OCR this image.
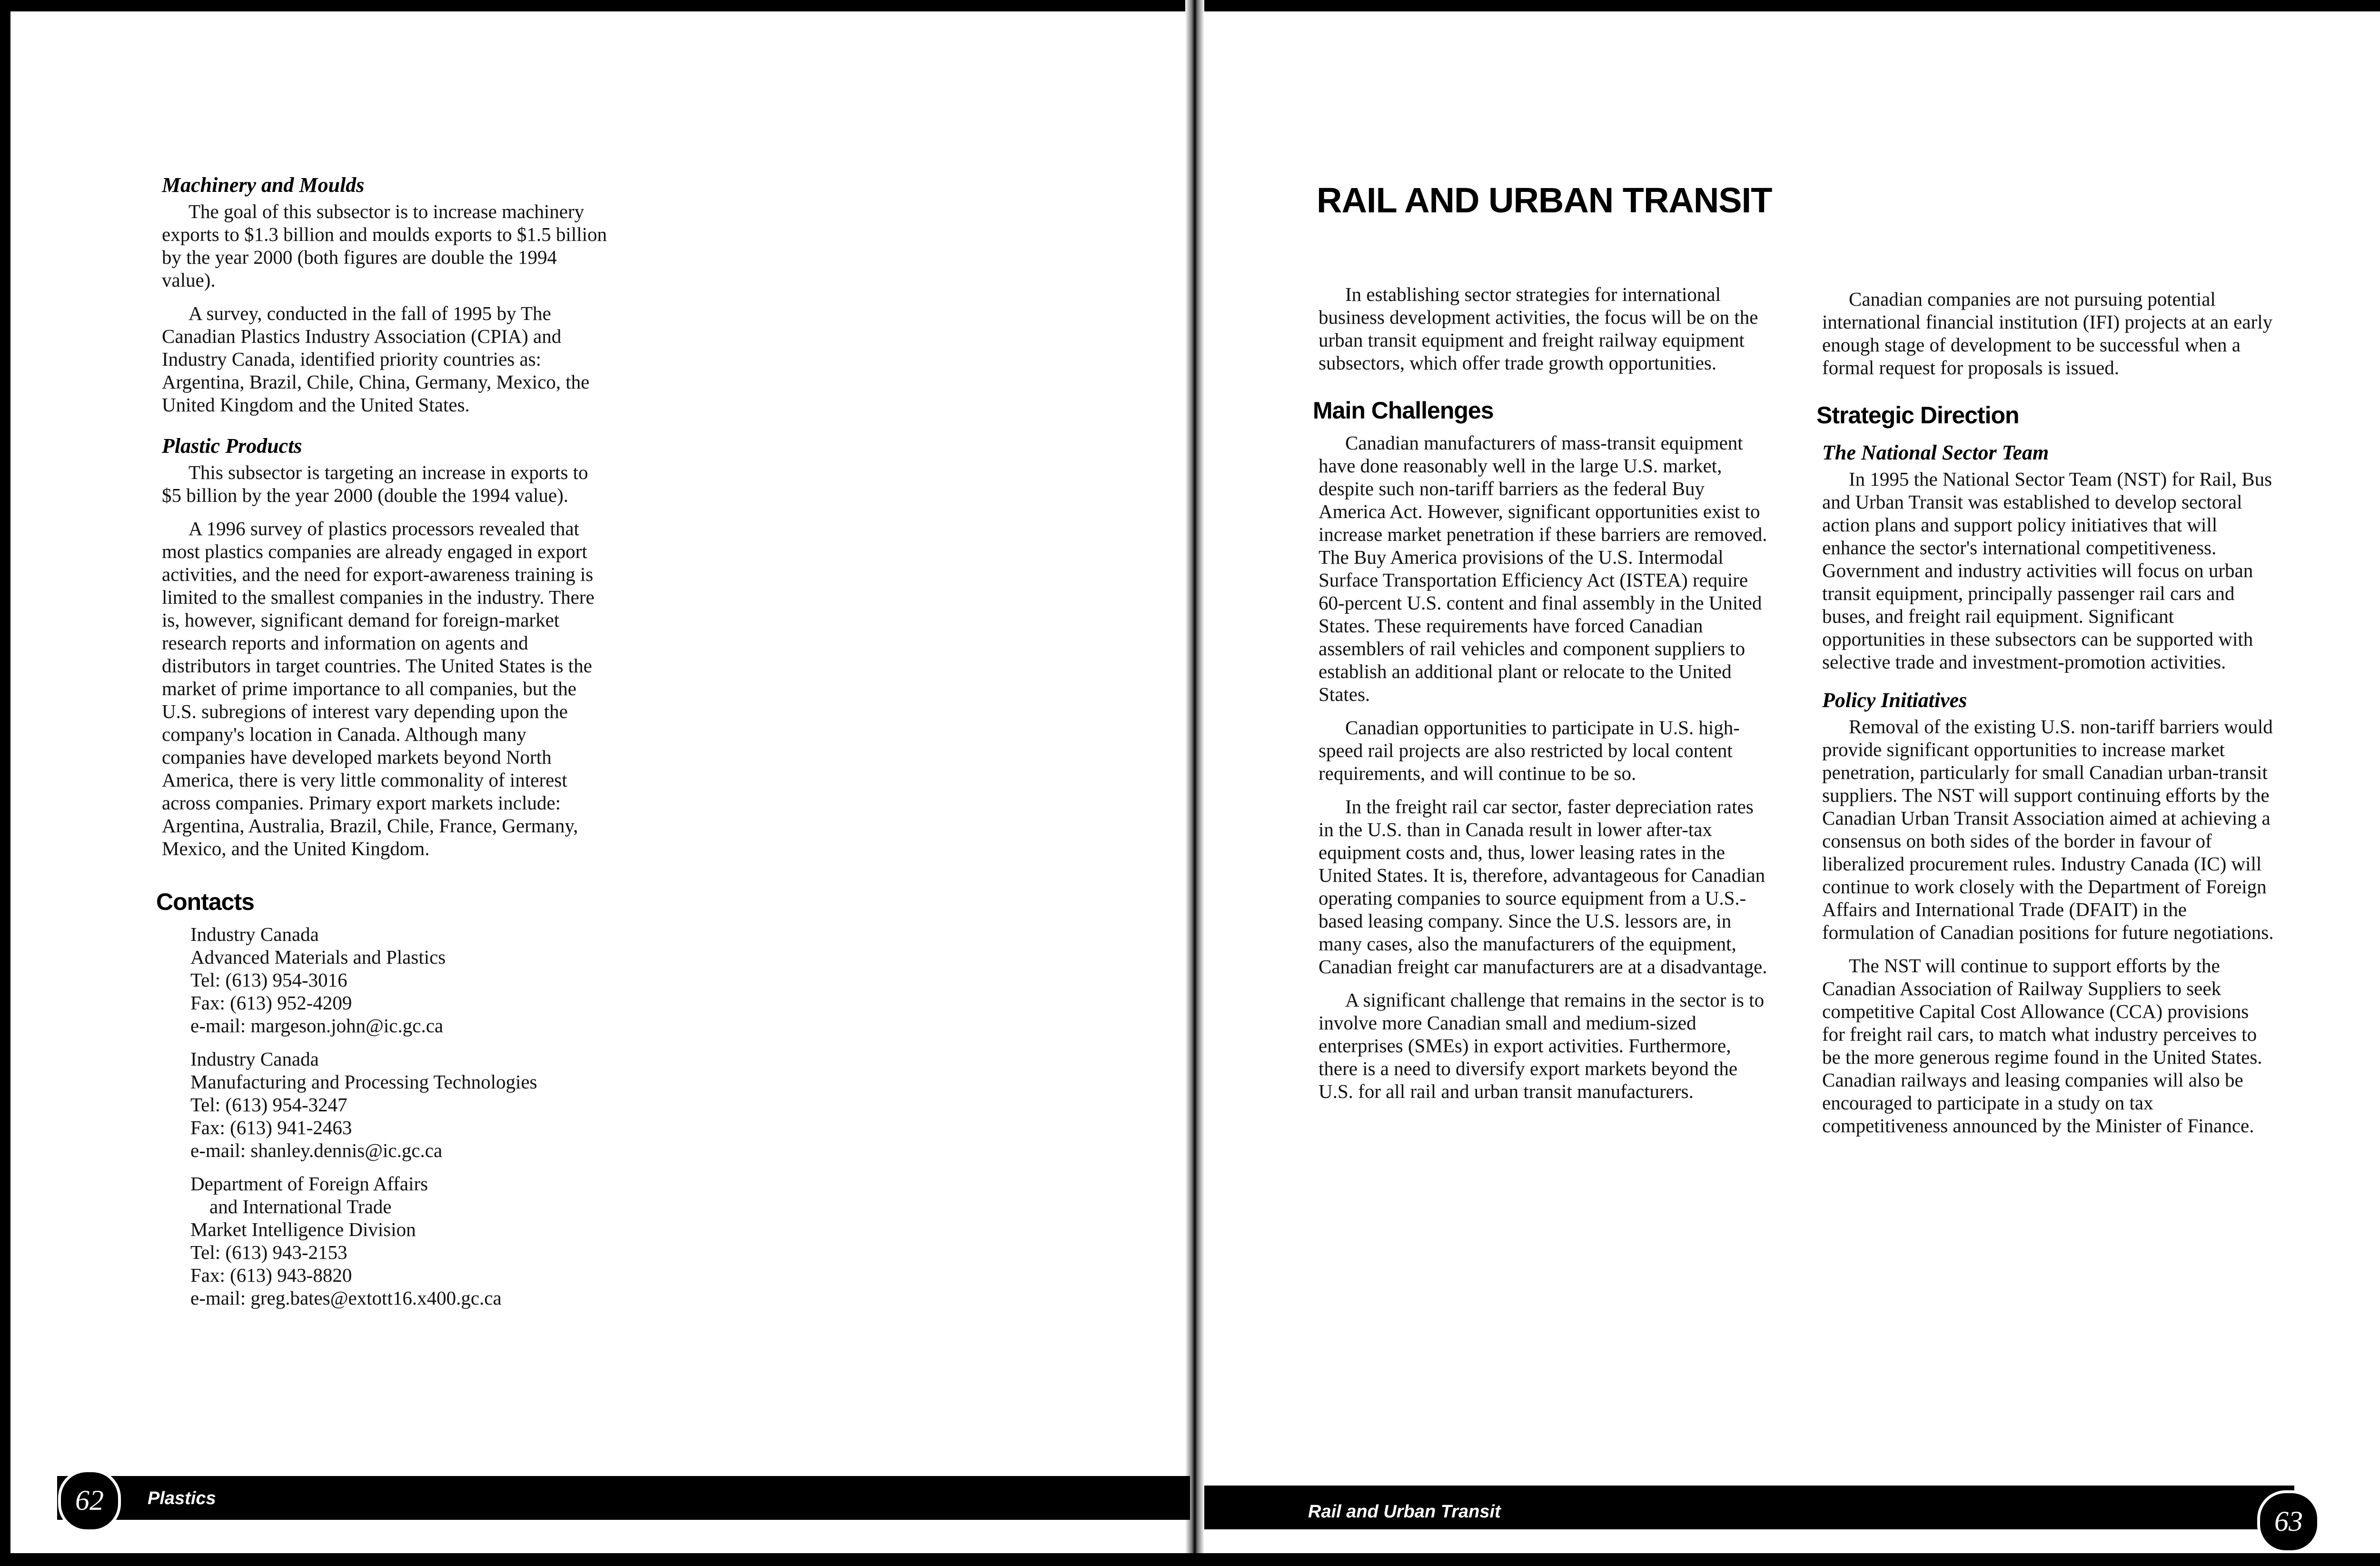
Machinery and Moulds

The goal of this subsector is to increase machinery exports to $1.3 billion and moulds exports to $1.5 billion by the year 2000 (both figures are double the 1994 value).

A survey, conducted in the fall of 1995 by The Canadian Plastics Industry Association (CPIA) and Industry Canada, identified priority countries as: Argentina, Brazil, Chile, China, Germany, Mexico, the United Kingdom and the United States.

Plastic Products

This subsector is targeting an increase in exports to $5 billion by the year 2000 (double the 1994 value).

A 1996 survey of plastics processors revealed that most plastics companies are already engaged in export activities, and the need for export-awareness training is limited to the smallest companies in the industry. There is, however, significant demand for foreign-market research reports and information on agents and distributors in target countries. The United States is the market of prime importance to all companies, but the U.S. subregions of interest vary depending upon the company's location in Canada. Although many companies have developed markets beyond North America, there is very little commonality of interest across companies. Primary export markets include: Argentina, Australia, Brazil, Chile, France, Germany, Mexico, and the United Kingdom.

Contacts
Industry Canada
Advanced Materials and Plastics
Tel: (613) 954-3016
Fax: (613) 952-4209
e-mail: margeson.john@ic.gc.ca
Industry Canada
Manufacturing and Processing Technologies
Tel: (613) 954-3247
Fax: (613) 941-2463
e-mail: shanley.dennis@ic.gc.ca
Department of Foreign Affairs
and International Trade
Market Intelligence Division
Tel: (613) 943-2153
Fax: (613) 943-8820
e-mail: greg.bates@extott16.x400.gc.ca
62	Plastics
RAIL AND URBAN TRANSIT

In establishing sector strategies for international business development activities, the focus will be on the urban transit equipment and freight railway equipment subsectors, which offer trade growth opportunities.

Main Challenges

Canadian manufacturers of mass-transit equipment have done reasonably well in the large U.S. market, despite such non-tariff barriers as the federal Buy America Act. However, significant opportunities exist to increase market penetration if these barriers are removed. The Buy America provisions of the U.S. Intermodal Surface Transportation Efficiency Act (ISTEA) require 60-percent U.S. content and final assembly in the United States. These requirements have forced Canadian assemblers of rail vehicles and component suppliers to establish an additional plant or relocate to the United States.

Canadian opportunities to participate in U.S. high-speed rail projects are also restricted by local content requirements, and will continue to be so.

In the freight rail car sector, faster depreciation rates in the U.S. than in Canada result in lower after-tax equipment costs and, thus, lower leasing rates in the United States. It is, therefore, advantageous for Canadian operating companies to source equipment from a U.S.-based leasing company. Since the U.S. lessors are, in many cases, also the manufacturers of the equipment, Canadian freight car manufacturers are at a disadvantage.

A significant challenge that remains in the sector is to involve more Canadian small and medium-sized enterprises (SMEs) in export activities. Furthermore, there is a need to diversify export markets beyond the U.S. for all rail and urban transit manufacturers.

Canadian companies are not pursuing potential international financial institution (IFI) projects at an early enough stage of development to be successful when a formal request for proposals is issued.

Strategic Direction
The National Sector Team

In 1995 the National Sector Team (NST) for Rail, Bus and Urban Transit was established to develop sectoral action plans and support policy initiatives that will enhance the sector's international competitiveness. Government and industry activities will focus on urban transit equipment, principally passenger rail cars and buses, and freight rail equipment. Significant opportunities in these subsectors can be supported with selective trade and investment-promotion activities.

Policy Initiatives

Removal of the existing U.S. non-tariff barriers would provide significant opportunities to increase market penetration, particularly for small Canadian urban-transit suppliers. The NST will support continuing efforts by the Canadian Urban Transit Association aimed at achieving a consensus on both sides of the border in favour of liberalized procurement rules. Industry Canada (IC) will continue to work closely with the Department of Foreign Affairs and International Trade (DFAIT) in the formulation of Canadian positions for future negotiations.

The NST will continue to support efforts by the Canadian Association of Railway Suppliers to seek competitive Capital Cost Allowance (CCA) provisions for freight rail cars, to match what industry perceives to be the more generous regime found in the United States. Canadian railways and leasing companies will also be encouraged to participate in a study on tax competitiveness announced by the Minister of Finance.

Rail and Urban Transit	63
